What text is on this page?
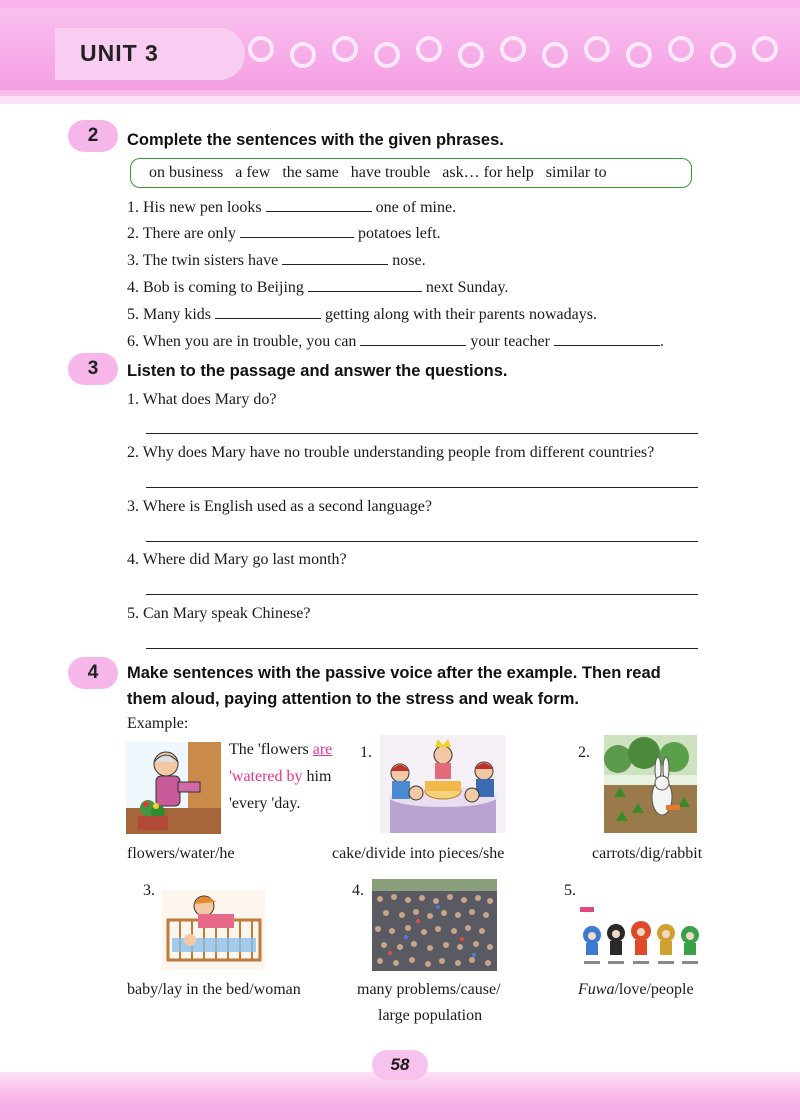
UNIT 3
2	Complete the sentences with the given phrases.
on business   a few   the same   have trouble   ask… for help   similar to
1. His new pen looks	one of mine.
2. There are only	potatoes left.
3. The twin sisters have	nose.
4. Bob is coming to Beijing	next Sunday.
5. Many kids	getting along with their parents nowadays.
6. When you are in trouble, you can	your teacher	.
3	Listen to the passage and answer the questions.
1. What does Mary do?
2. Why does Mary have no trouble understanding people from different countries?
3. Where is English used as a second language?
4. Where did Mary go last month?
5. Can Mary speak Chinese?
4	Make sentences with the passive voice after the example. Then read
them aloud, paying attention to the stress and weak form.
Example:
The 'flowers are
'watered by him
'every 'day.
flowers/water/he
1.
cake/divide into pieces/she
2.
carrots/dig/rabbit
3.
baby/lay in the bed/woman
4.
many problems/cause/
large population
5.
Fuwa/love/people
58
